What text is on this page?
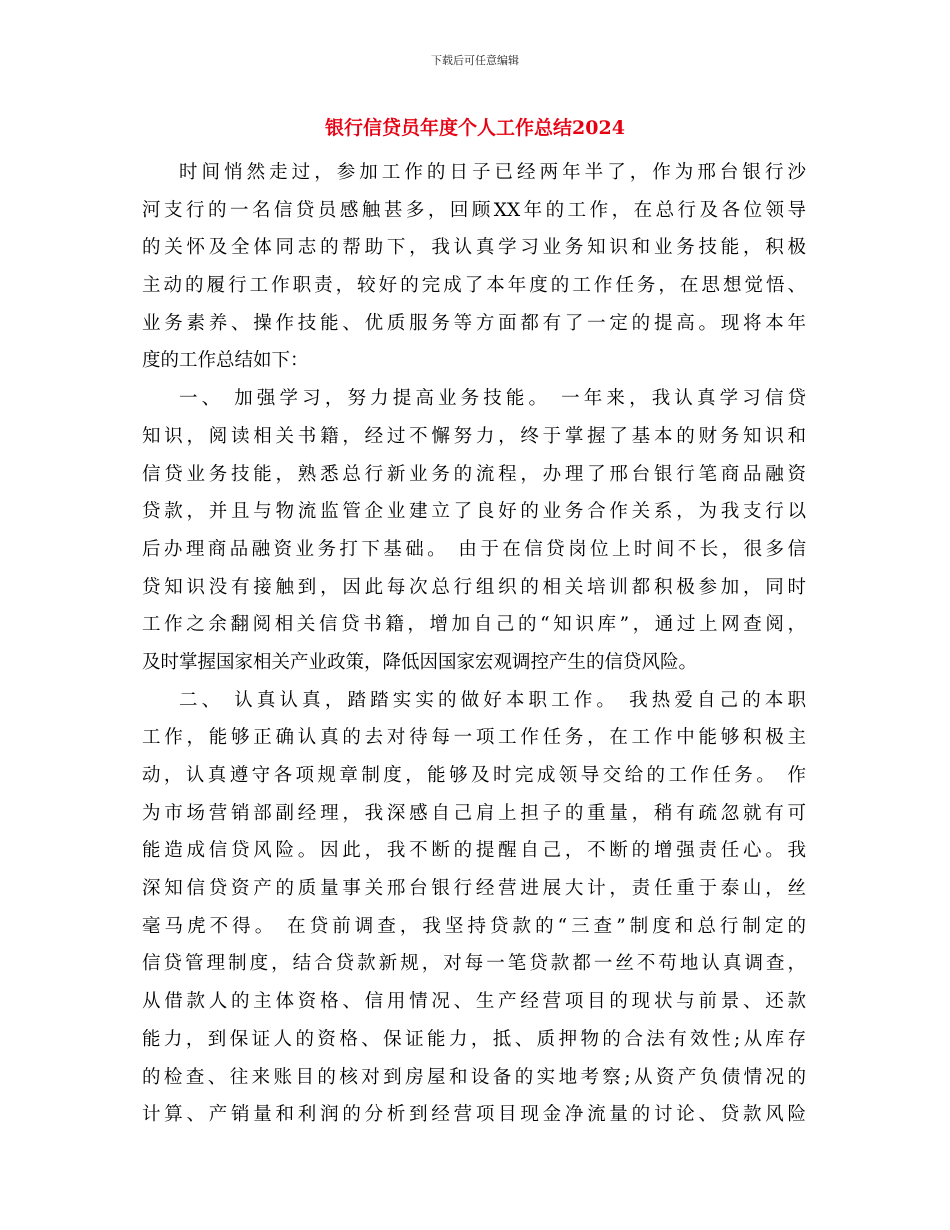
下载后可任意编辑
银行信贷员年度个人工作总结2024
时间悄然走过，参加工作的日子已经两年半了，作为邢台银行沙
河支行的一名信贷员感触甚多，回顾XX年的工作，在总行及各位领导
的关怀及全体同志的帮助下，我认真学习业务知识和业务技能，积极
主动的履行工作职责，较好的完成了本年度的工作任务，在思想觉悟、
业务素养、操作技能、优质服务等方面都有了一定的提高。现将本年
度的工作总结如下：
一、 加强学习，努力提高业务技能。 一年来，我认真学习信贷
知识，阅读相关书籍，经过不懈努力，终于掌握了基本的财务知识和
信贷业务技能，熟悉总行新业务的流程，办理了邢台银行笔商品融资
贷款，并且与物流监管企业建立了良好的业务合作关系，为我支行以
后办理商品融资业务打下基础。 由于在信贷岗位上时间不长，很多信
贷知识没有接触到，因此每次总行组织的相关培训都积极参加，同时
工作之余翻阅相关信贷书籍，增加自己的“知识库”，通过上网查阅，
及时掌握国家相关产业政策，降低因国家宏观调控产生的信贷风险。
二、 认真认真，踏踏实实的做好本职工作。 我热爱自己的本职
工作，能够正确认真的去对待每一项工作任务，在工作中能够积极主
动，认真遵守各项规章制度，能够及时完成领导交给的工作任务。 作
为市场营销部副经理，我深感自己肩上担子的重量，稍有疏忽就有可
能造成信贷风险。因此，我不断的提醒自己，不断的增强责任心。我
深知信贷资产的质量事关邢台银行经营进展大计，责任重于泰山，丝
毫马虎不得。 在贷前调查，我坚持贷款的“三查”制度和总行制定的
信贷管理制度，结合贷款新规，对每一笔贷款都一丝不苟地认真调查，
从借款人的主体资格、信用情况、生产经营项目的现状与前景、还款
能力，到保证人的资格、保证能力，抵、质押物的合法有效性;从库存
的检查、往来账目的核对到房屋和设备的实地考察;从资产负债情况的
计算、产销量和利润的分析到经营项目现金净流量的讨论、贷款风险
